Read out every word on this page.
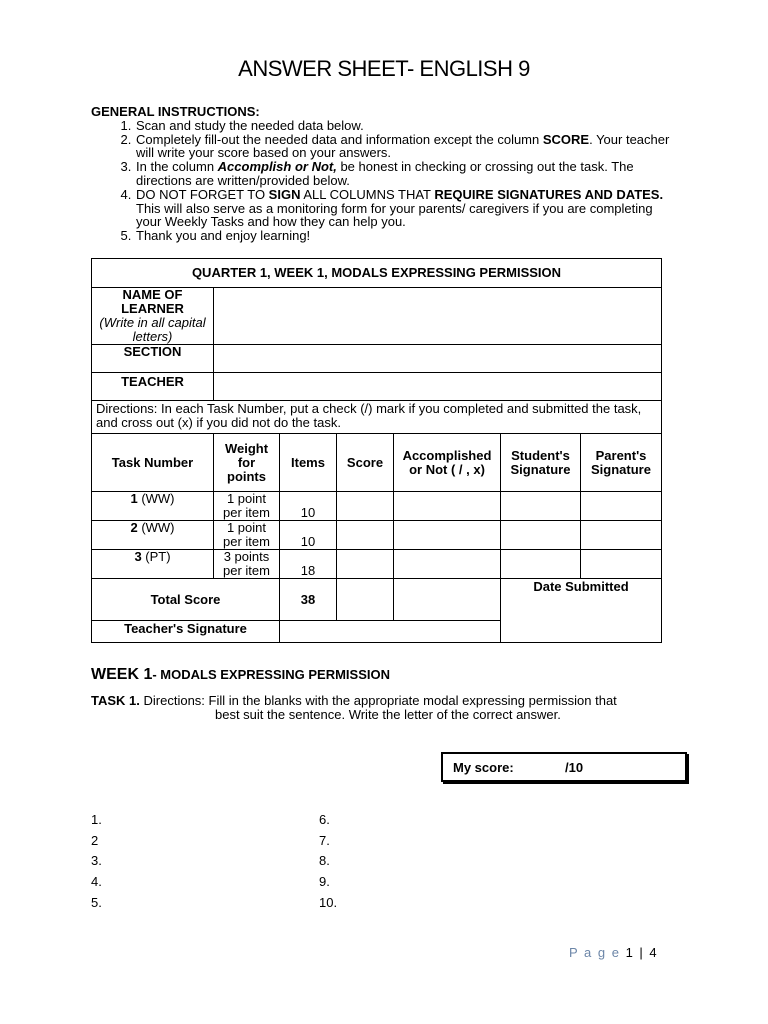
ANSWER SHEET- ENGLISH 9
GENERAL INSTRUCTIONS:
1. Scan and study the needed data below.
2. Completely fill-out the needed data and information except the column SCORE. Your teacher will write your score based on your answers.
3. In the column Accomplish or Not, be honest in checking or crossing out the task. The directions are written/provided below.
4. DO NOT FORGET TO SIGN ALL COLUMNS THAT REQUIRE SIGNATURES AND DATES. This will also serve as a monitoring form for your parents/ caregivers if you are completing your Weekly Tasks and how they can help you.
5. Thank you and enjoy learning!
QUARTER 1, WEEK 1, MODALS EXPRESSING PERMISSION						

NAME OF LEARNER
(Write in all capital letters)						

SECTION						
TEACHER						
Directions: In each Task Number, put a check (/) mark if you completed and submitted the task, and cross out (x) if you did not do the task.						
Task Number	Weight for points	Items	Score	Accomplished or Not ( / , x)	Student's Signature	Parent's Signature
1 (WW)	1 point
per item	10				
2 (WW)	1 point
per item	10				
3 (PT)	3 points
per item	18				
Total Score		38			Date Submitted	
Teacher's Signature						
WEEK 1- MODALS EXPRESSING PERMISSION
TASK 1. Directions: Fill in the blanks with the appropriate modal expressing permission that
best suit the sentence. Write the letter of the correct answer.
My score:	/10
1.
2
3.
4.
5.
6.
7.
8.
9.
10.
P a g e 1 | 4
